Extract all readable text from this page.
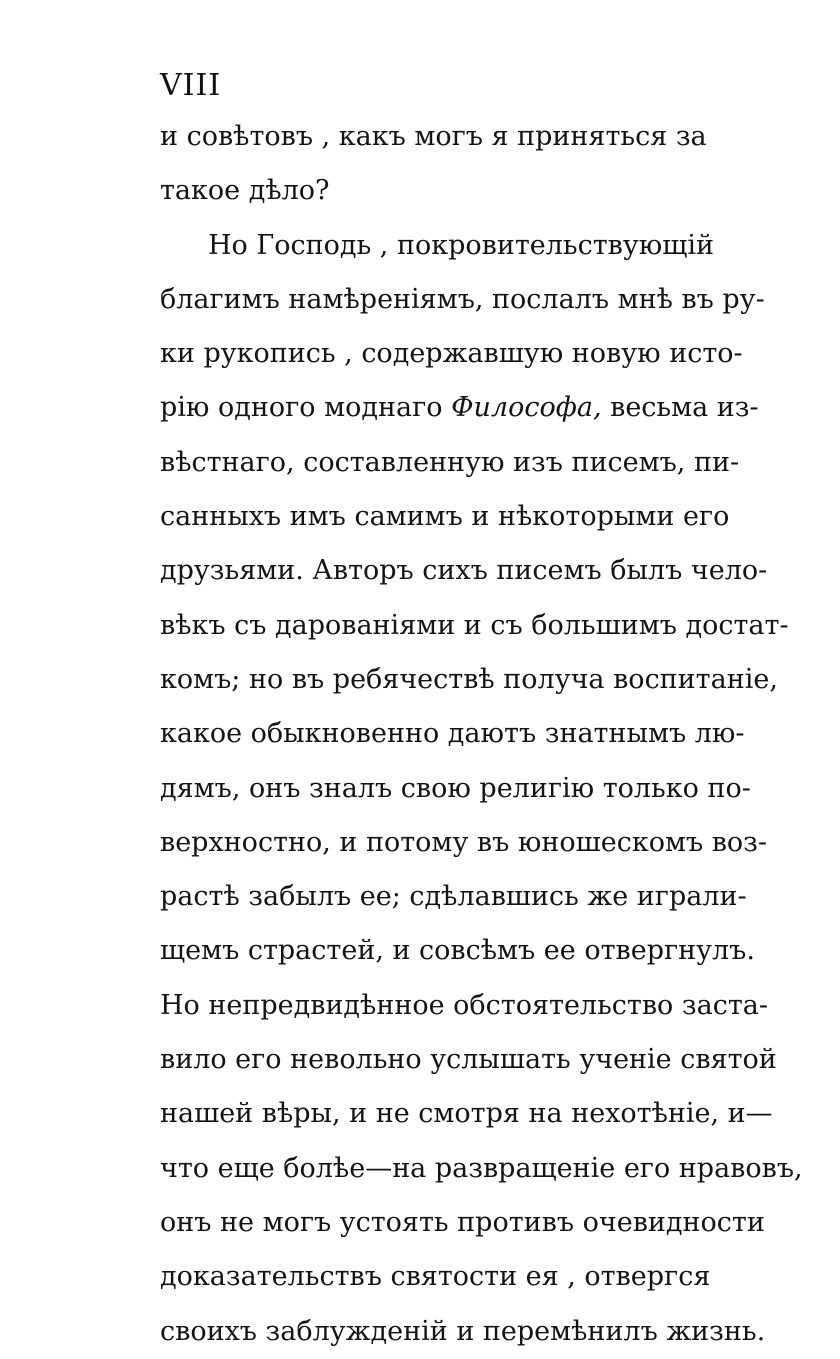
VIII
и совѣтовъ , какъ могъ я приняться за
такое дѣло?
Но Господь , покровительствующій
благимъ намѣреніямъ, послалъ мнѣ въ ру-
ки рукопись , содержавшую новую исто-
рію одного моднаго Философа, весьма из-
вѣстнаго, составленную изъ писемъ, пи-
санныхъ имъ самимъ и нѣкоторыми его
друзьями. Авторъ сихъ писемъ былъ чело-
вѣкъ съ дарованіями и съ большимъ достат-
комъ; но въ ребячествѣ получа воспитаніе,
какое обыкновенно даютъ знатнымъ лю-
дямъ, онъ зналъ свою религію только по-
верхностно, и потому въ юношескомъ воз-
растѣ забылъ ее; сдѣлавшись же играли-
щемъ страстей, и совсѣмъ ее отвергнулъ.
Но непредвидѣнное обстоятельство заста-
вило его невольно услышать ученіе святой
нашей вѣры, и не смотря на нехотѣніе, и—
что еще болѣе—на развращеніе его нравовъ,
онъ не могъ устоять противъ очевидности
доказательствъ святости ея , отвергся
своихъ заблужденій и перемѣнилъ жизнь.
